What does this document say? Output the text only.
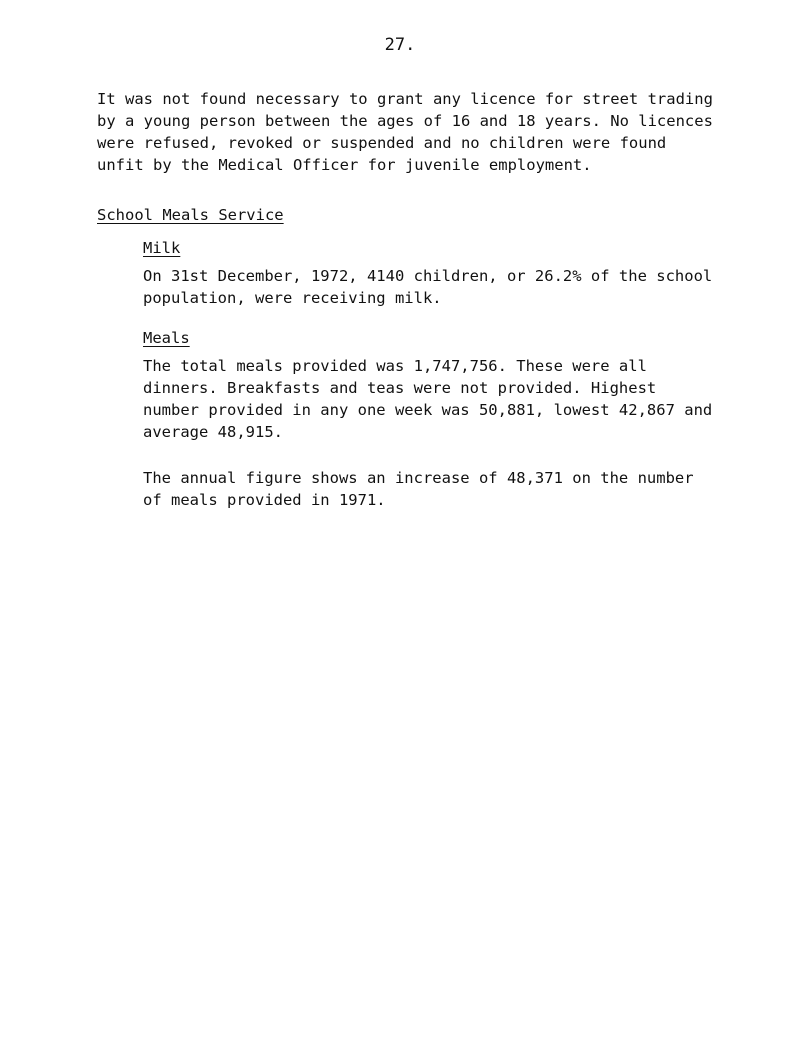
27.

It was not found necessary to grant any licence for street trading by a young person between the ages of 16 and 18 years. No licences were refused, revoked or suspended and no children were found unfit by the Medical Officer for juvenile employment.

School Meals Service
Milk

On 31st December, 1972, 4140 children, or 26.2% of the school population, were receiving milk.

Meals

The total meals provided was 1,747,756. These were all dinners. Breakfasts and teas were not provided. Highest number provided in any one week was 50,881, lowest 42,867 and average 48,915.

The annual figure shows an increase of 48,371 on the number of meals provided in 1971.
